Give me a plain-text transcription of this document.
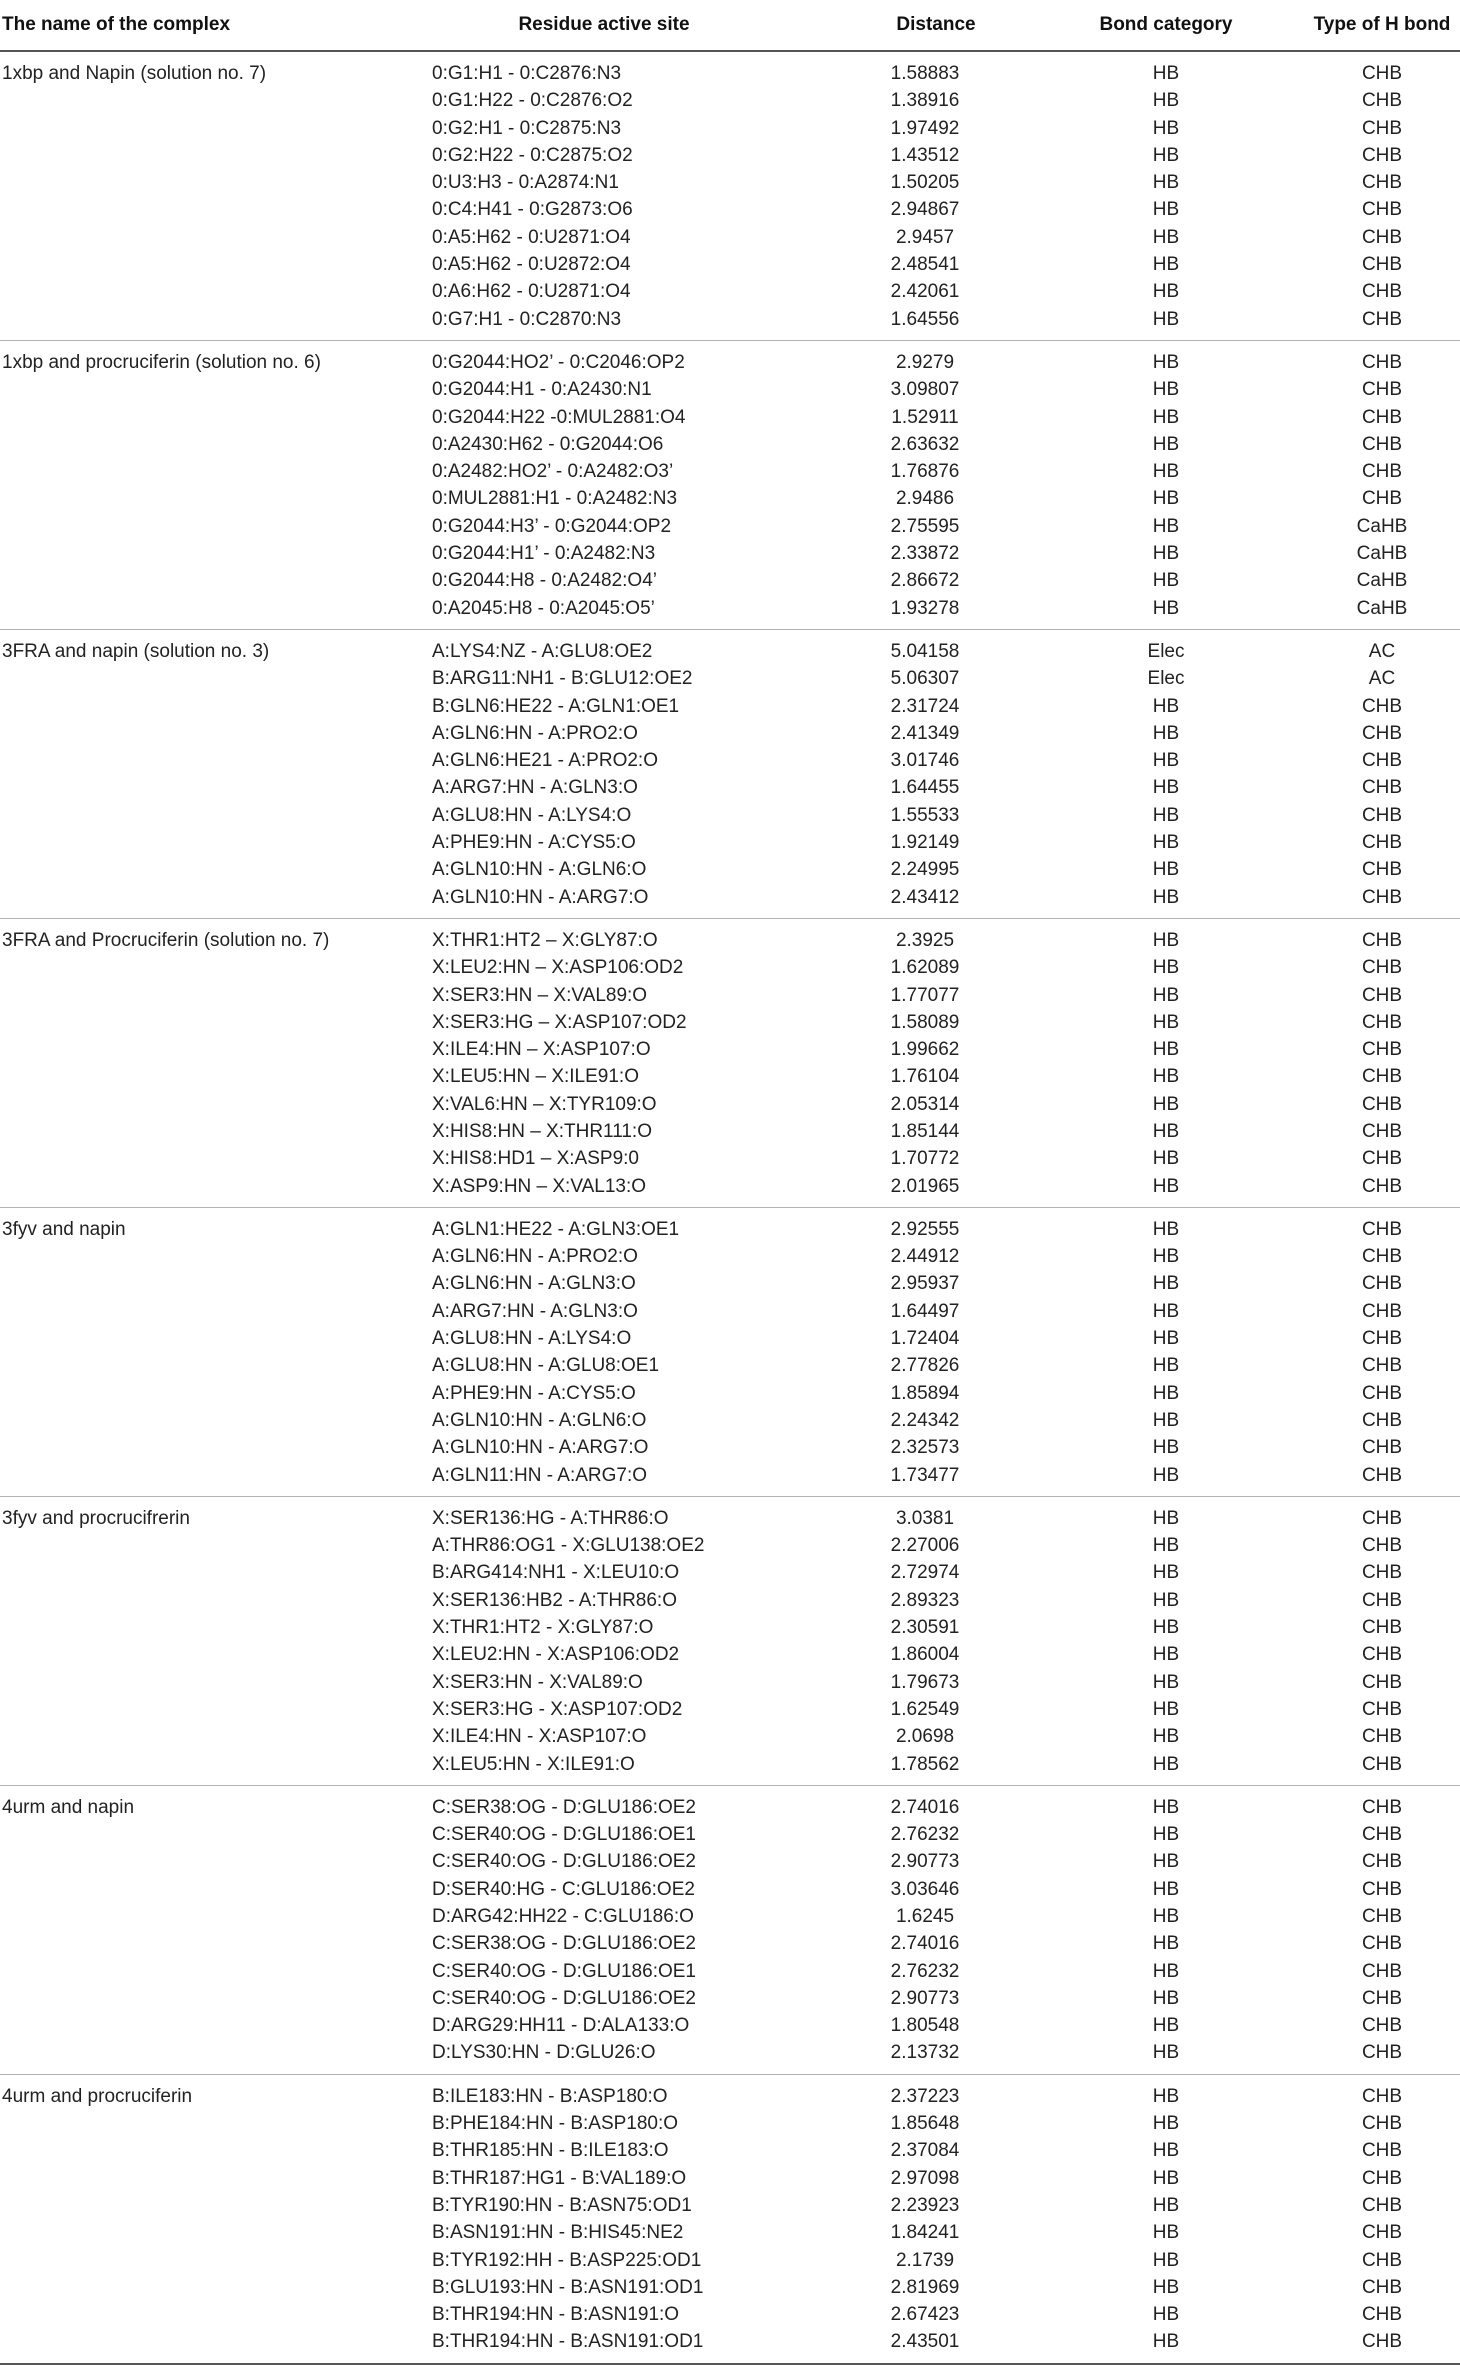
The name of the complex	Residue active site	Distance	Bond category	Type of H bond
1xbp and Napin (solution no. 7)	0:G1:H1 - 0:C2876:N3	1.58883	HB	CHB
	0:G1:H22 - 0:C2876:O2	1.38916	HB	CHB
	0:G2:H1 - 0:C2875:N3	1.97492	HB	CHB
	0:G2:H22 - 0:C2875:O2	1.43512	HB	CHB
	0:U3:H3 - 0:A2874:N1	1.50205	HB	CHB
	0:C4:H41 - 0:G2873:O6	2.94867	HB	CHB
	0:A5:H62 - 0:U2871:O4	2.9457	HB	CHB
	0:A5:H62 - 0:U2872:O4	2.48541	HB	CHB
	0:A6:H62 - 0:U2871:O4	2.42061	HB	CHB
	0:G7:H1 - 0:C2870:N3	1.64556	HB	CHB
1xbp and procruciferin (solution no. 6)	0:G2044:HO2’ - 0:C2046:OP2	2.9279	HB	CHB
	0:G2044:H1 - 0:A2430:N1	3.09807	HB	CHB
	0:G2044:H22 -0:MUL2881:O4	1.52911	HB	CHB
	0:A2430:H62 - 0:G2044:O6	2.63632	HB	CHB
	0:A2482:HO2’ - 0:A2482:O3’	1.76876	HB	CHB
	0:MUL2881:H1 - 0:A2482:N3	2.9486	HB	CHB
	0:G2044:H3’ - 0:G2044:OP2	2.75595	HB	CaHB
	0:G2044:H1’ - 0:A2482:N3	2.33872	HB	CaHB
	0:G2044:H8 - 0:A2482:O4’	2.86672	HB	CaHB
	0:A2045:H8 - 0:A2045:O5’	1.93278	HB	CaHB
3FRA and napin (solution no. 3)	A:LYS4:NZ - A:GLU8:OE2	5.04158	Elec	AC
	B:ARG11:NH1 - B:GLU12:OE2	5.06307	Elec	AC
	B:GLN6:HE22 - A:GLN1:OE1	2.31724	HB	CHB
	A:GLN6:HN - A:PRO2:O	2.41349	HB	CHB
	A:GLN6:HE21 - A:PRO2:O	3.01746	HB	CHB
	A:ARG7:HN - A:GLN3:O	1.64455	HB	CHB
	A:GLU8:HN - A:LYS4:O	1.55533	HB	CHB
	A:PHE9:HN - A:CYS5:O	1.92149	HB	CHB
	A:GLN10:HN - A:GLN6:O	2.24995	HB	CHB
	A:GLN10:HN - A:ARG7:O	2.43412	HB	CHB
3FRA and Procruciferin (solution no. 7)	X:THR1:HT2 – X:GLY87:O	2.3925	HB	CHB
	X:LEU2:HN – X:ASP106:OD2	1.62089	HB	CHB
	X:SER3:HN – X:VAL89:O	1.77077	HB	CHB
	X:SER3:HG – X:ASP107:OD2	1.58089	HB	CHB
	X:ILE4:HN – X:ASP107:O	1.99662	HB	CHB
	X:LEU5:HN – X:ILE91:O	1.76104	HB	CHB
	X:VAL6:HN – X:TYR109:O	2.05314	HB	CHB
	X:HIS8:HN – X:THR111:O	1.85144	HB	CHB
	X:HIS8:HD1 – X:ASP9:0	1.70772	HB	CHB
	X:ASP9:HN – X:VAL13:O	2.01965	HB	CHB
3fyv and napin	A:GLN1:HE22 - A:GLN3:OE1	2.92555	HB	CHB
	A:GLN6:HN - A:PRO2:O	2.44912	HB	CHB
	A:GLN6:HN - A:GLN3:O	2.95937	HB	CHB
	A:ARG7:HN - A:GLN3:O	1.64497	HB	CHB
	A:GLU8:HN - A:LYS4:O	1.72404	HB	CHB
	A:GLU8:HN - A:GLU8:OE1	2.77826	HB	CHB
	A:PHE9:HN - A:CYS5:O	1.85894	HB	CHB
	A:GLN10:HN - A:GLN6:O	2.24342	HB	CHB
	A:GLN10:HN - A:ARG7:O	2.32573	HB	CHB
	A:GLN11:HN - A:ARG7:O	1.73477	HB	CHB
3fyv and procrucifrerin	X:SER136:HG - A:THR86:O	3.0381	HB	CHB
	A:THR86:OG1 - X:GLU138:OE2	2.27006	HB	CHB
	B:ARG414:NH1 - X:LEU10:O	2.72974	HB	CHB
	X:SER136:HB2 - A:THR86:O	2.89323	HB	CHB
	X:THR1:HT2 - X:GLY87:O	2.30591	HB	CHB
	X:LEU2:HN - X:ASP106:OD2	1.86004	HB	CHB
	X:SER3:HN - X:VAL89:O	1.79673	HB	CHB
	X:SER3:HG - X:ASP107:OD2	1.62549	HB	CHB
	X:ILE4:HN - X:ASP107:O	2.0698	HB	CHB
	X:LEU5:HN - X:ILE91:O	1.78562	HB	CHB
4urm and napin	C:SER38:OG - D:GLU186:OE2	2.74016	HB	CHB
	C:SER40:OG - D:GLU186:OE1	2.76232	HB	CHB
	C:SER40:OG - D:GLU186:OE2	2.90773	HB	CHB
	D:SER40:HG - C:GLU186:OE2	3.03646	HB	CHB
	D:ARG42:HH22 - C:GLU186:O	1.6245	HB	CHB
	C:SER38:OG - D:GLU186:OE2	2.74016	HB	CHB
	C:SER40:OG - D:GLU186:OE1	2.76232	HB	CHB
	C:SER40:OG - D:GLU186:OE2	2.90773	HB	CHB
	D:ARG29:HH11 - D:ALA133:O	1.80548	HB	CHB
	D:LYS30:HN - D:GLU26:O	2.13732	HB	CHB
4urm and procruciferin	B:ILE183:HN - B:ASP180:O	2.37223	HB	CHB
	B:PHE184:HN - B:ASP180:O	1.85648	HB	CHB
	B:THR185:HN - B:ILE183:O	2.37084	HB	CHB
	B:THR187:HG1 - B:VAL189:O	2.97098	HB	CHB
	B:TYR190:HN - B:ASN75:OD1	2.23923	HB	CHB
	B:ASN191:HN - B:HIS45:NE2	1.84241	HB	CHB
	B:TYR192:HH - B:ASP225:OD1	2.1739	HB	CHB
	B:GLU193:HN - B:ASN191:OD1	2.81969	HB	CHB
	B:THR194:HN - B:ASN191:O	2.67423	HB	CHB
	B:THR194:HN - B:ASN191:OD1	2.43501	HB	CHB
